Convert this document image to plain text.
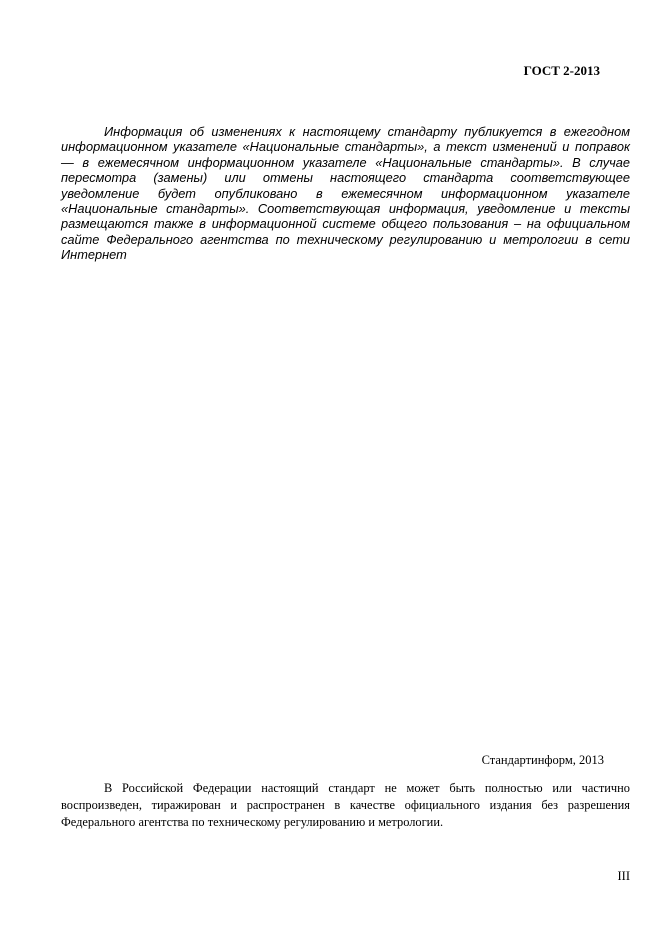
ГОСТ 2-2013

Информация об изменениях к настоящему стандарту публикуется в ежегодном информационном указателе «Национальные стандарты», а текст изменений и поправок — в ежемесячном информационном указателе «Национальные стандарты». В случае пересмотра (замены) или отмены настоящего стандарта соответствующее уведомление будет опубликовано в ежемесячном информационном указателе «Национальные стандарты». Соответствующая информация, уведомление и тексты размещаются также в информационной системе общего пользования – на официальном сайте Федерального агентства по техническому регулированию и метрологии в сети Интернет

Стандартинформ, 2013

В Российской Федерации настоящий стандарт не может быть полностью или частично воспроизведен, тиражирован и распространен в качестве официального издания без разрешения Федерального агентства по техническому регулированию и метрологии.

III
